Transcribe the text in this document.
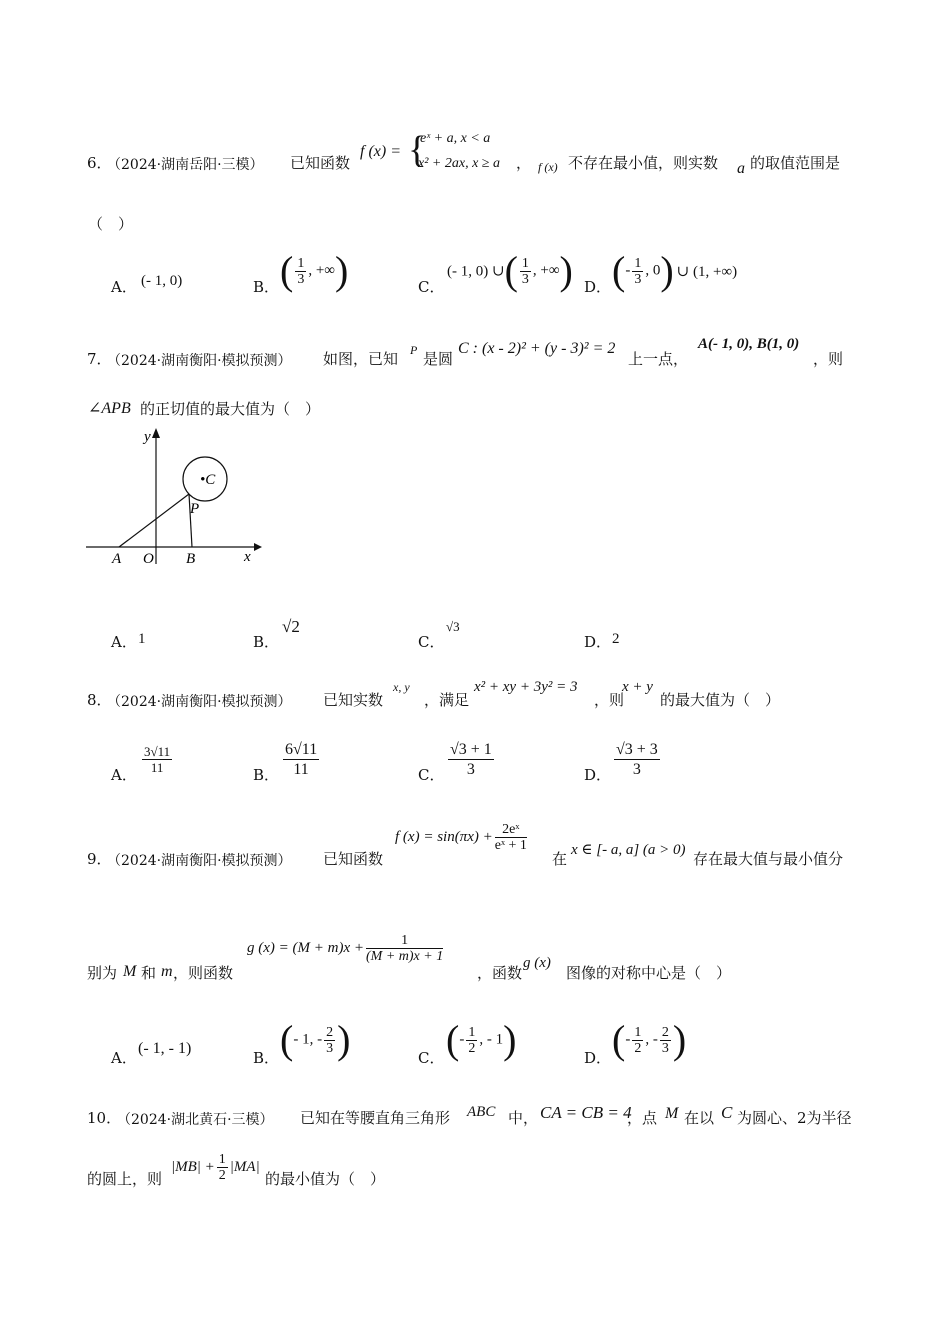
6．
（2024·湖南岳阳·三模） 已知函数
f (x) = {
eˣ + a, x < a
x² + 2ax, x ≥ a ， f (x) 不存在最小值，则实数 a 的取值范围是
（　）
A． (- 1, 0)	B． ( $\frac{1}{3}$ , +∞)	C．
(- 1, 0) ∪( $\frac{1}{3}$ , +∞) D． (- $\frac{1}{3}$ , 0) ∪ (1, +∞)
7．
（2024·湖南衡阳·模拟预测） 如图，已知 P 是圆
C : (x - 2)² + (y - 3)² = 2
上一点，
A(- 1, 0), B(1, 0)
，则
∠APB 的正切值的最大值为（　）
y
x
A O B
•C
P
A． 1	B．
√2
C．
√3
D． 2
8．
（2024·湖南衡阳·模拟预测） 已知实数
x, y
，满足
x² + xy + 3y² = 3
，则
x + y
的最大值为（　）
A． $\frac{3√11}{11}$	B． $\frac{6√11}{11}$	C． $\frac{√3 + 1}{3}$	D． $\frac{√3 + 3}{3}$
9．
（2024·湖南衡阳·模拟预测） 已知函数
f $(x) = \sin(\pi x) + \frac{\text{2eˣ}}{\text{eˣ + 1}}$
在 x ∈ [- a, a] (a > 0) 存在最大值与最小值分
别为 M 和 m ，则函数
g $(x) = (M + m)x + \frac{1}{(M + m)x + 1}$
，函数
g (x)
图像的对称中心是（　）
A．
(- 1, - 1)
B． (- 1, - $\frac{2}{3}$ )	C． (- $\frac{1}{2}$ , - 1)	D． (- $\frac{1}{2}$ , - $\frac{2}{3}$ )
10．
（2024·湖北黄石·三模） 已知在等腰直角三角形 ABC 中， CA = CB = 4
，点 M 在以 C 为圆心、2为半径
的圆上，则
$|MB| + \frac{1}{2} |MA|$
的最小值为（　）
